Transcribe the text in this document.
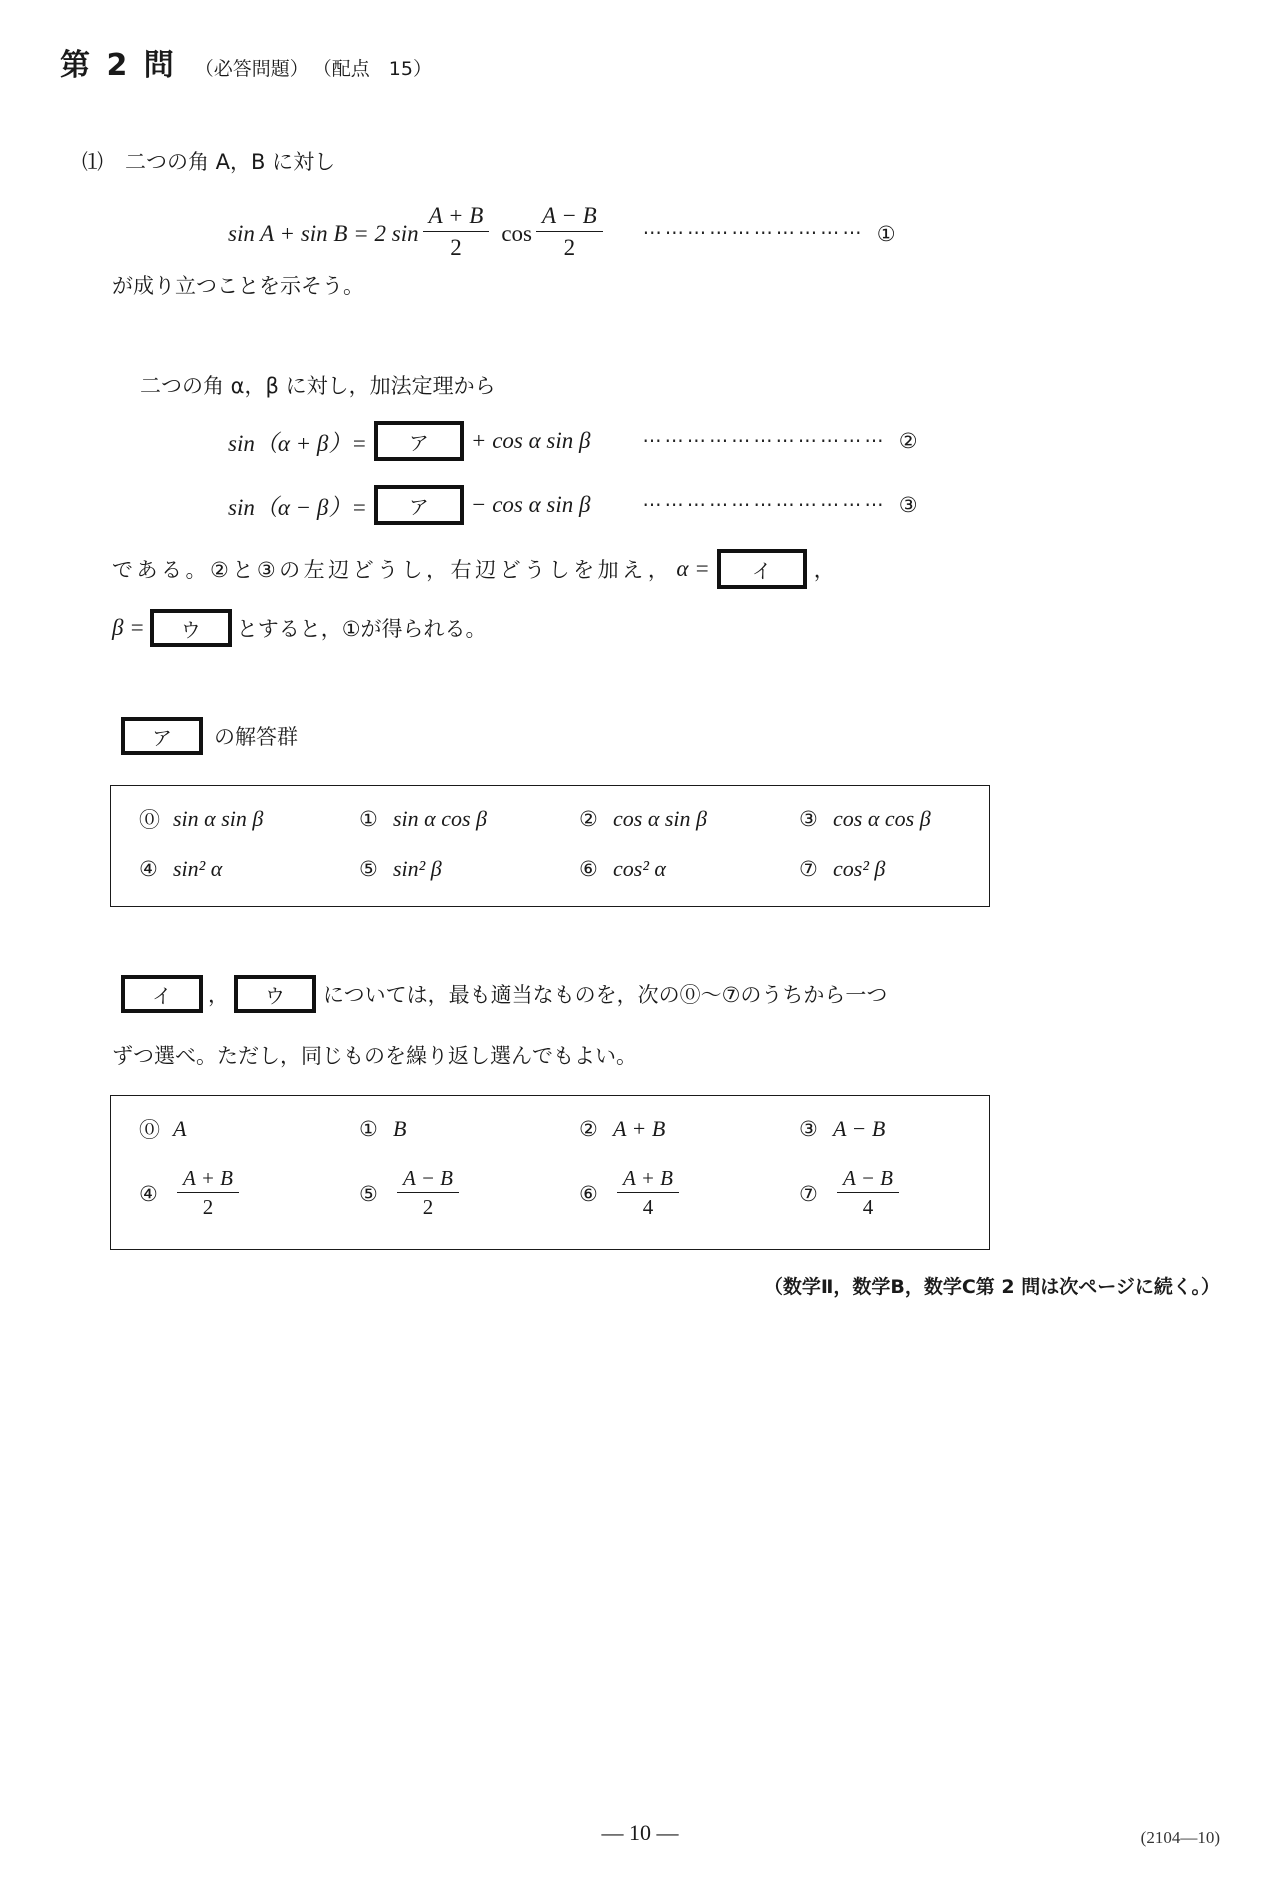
第 2 問 （必答問題） （配点　15）
⑴ 二つの角 A，B に対し
sin A + sin B = 2 $\sin \frac{A + B}{2}$ $\cos \frac{A - B}{2}$ ⋯⋯⋯⋯⋯⋯⋯⋯⋯⋯ ①
が成り立つことを示そう。
二つの角 α，β に対し，加法定理から
sin（α + β）=	ア	+ cos α sin β	⋯⋯⋯⋯⋯⋯⋯⋯⋯⋯⋯ ②
sin（α − β）=	ア	− cos α sin β	⋯⋯⋯⋯⋯⋯⋯⋯⋯⋯⋯ ③
である。②と③の左辺どうし，右辺どうしを加え， α =	イ	，
β =	ウ	とすると，①が得られる。
ア	の解答群
⓪ sin α sin β	① sin α cos β	② cos α sin β	③ cos α cos β
④ sin² α	⑤ sin² β	⑥ cos² α	⑦ cos² β
イ	，	ウ	については，最も適当なものを，次の⓪〜⑦のうちから一つ
ずつ選べ。ただし，同じものを繰り返し選んでもよい。
⓪ A	① B	② A + B	③ A − B
④ $\frac{A + B}{2}$	⑤ $\frac{A - B}{2}$	⑥ $\frac{A + B}{4}$	⑦ $\frac{A - B}{4}$
（数学Ⅱ，数学B，数学C第 2 問は次ページに続く。）
— 10 —	(2104—10)
